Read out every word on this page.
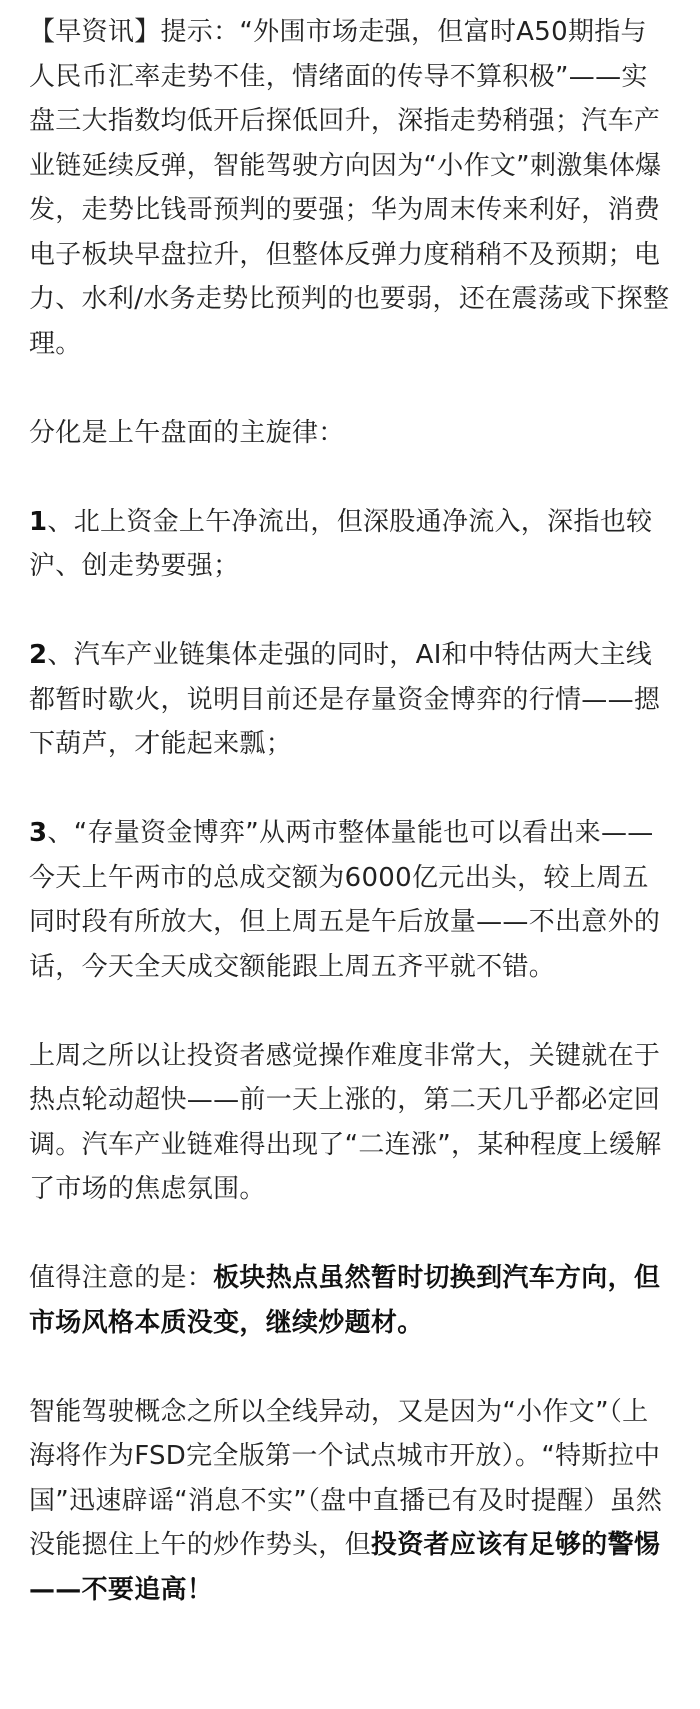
【早资讯】提示：“外围市场走强，但富时A50期指与人民币汇率走势不佳，情绪面的传导不算积极”——实盘三大指数均低开后探低回升，深指走势稍强；汽车产业链延续反弹，智能驾驶方向因为“小作文”刺激集体爆发，走势比钱哥预判的要强；华为周末传来利好，消费电子板块早盘拉升，但整体反弹力度稍稍不及预期；电力、水利/水务走势比预判的也要弱，还在震荡或下探整理。

分化是上午盘面的主旋律：

1、北上资金上午净流出，但深股通净流入，深指也较沪、创走势要强；

2、汽车产业链集体走强的同时，AI和中特估两大主线都暂时歇火，说明目前还是存量资金博弈的行情——摁下葫芦，才能起来瓢；

3、“存量资金博弈”从两市整体量能也可以看出来——今天上午两市的总成交额为6000亿元出头，较上周五同时段有所放大，但上周五是午后放量——不出意外的话，今天全天成交额能跟上周五齐平就不错。

上周之所以让投资者感觉操作难度非常大，关键就在于热点轮动超快——前一天上涨的，第二天几乎都必定回调。汽车产业链难得出现了“二连涨”，某种程度上缓解了市场的焦虑氛围。

值得注意的是：板块热点虽然暂时切换到汽车方向，但市场风格本质没变，继续炒题材。

智能驾驶概念之所以全线异动，又是因为“小作文”（上海将作为FSD完全版第一个试点城市开放）。“特斯拉中国”迅速辟谣“消息不实”（盘中直播已有及时提醒）虽然没能摁住上午的炒作势头，但投资者应该有足够的警惕——不要追高！
